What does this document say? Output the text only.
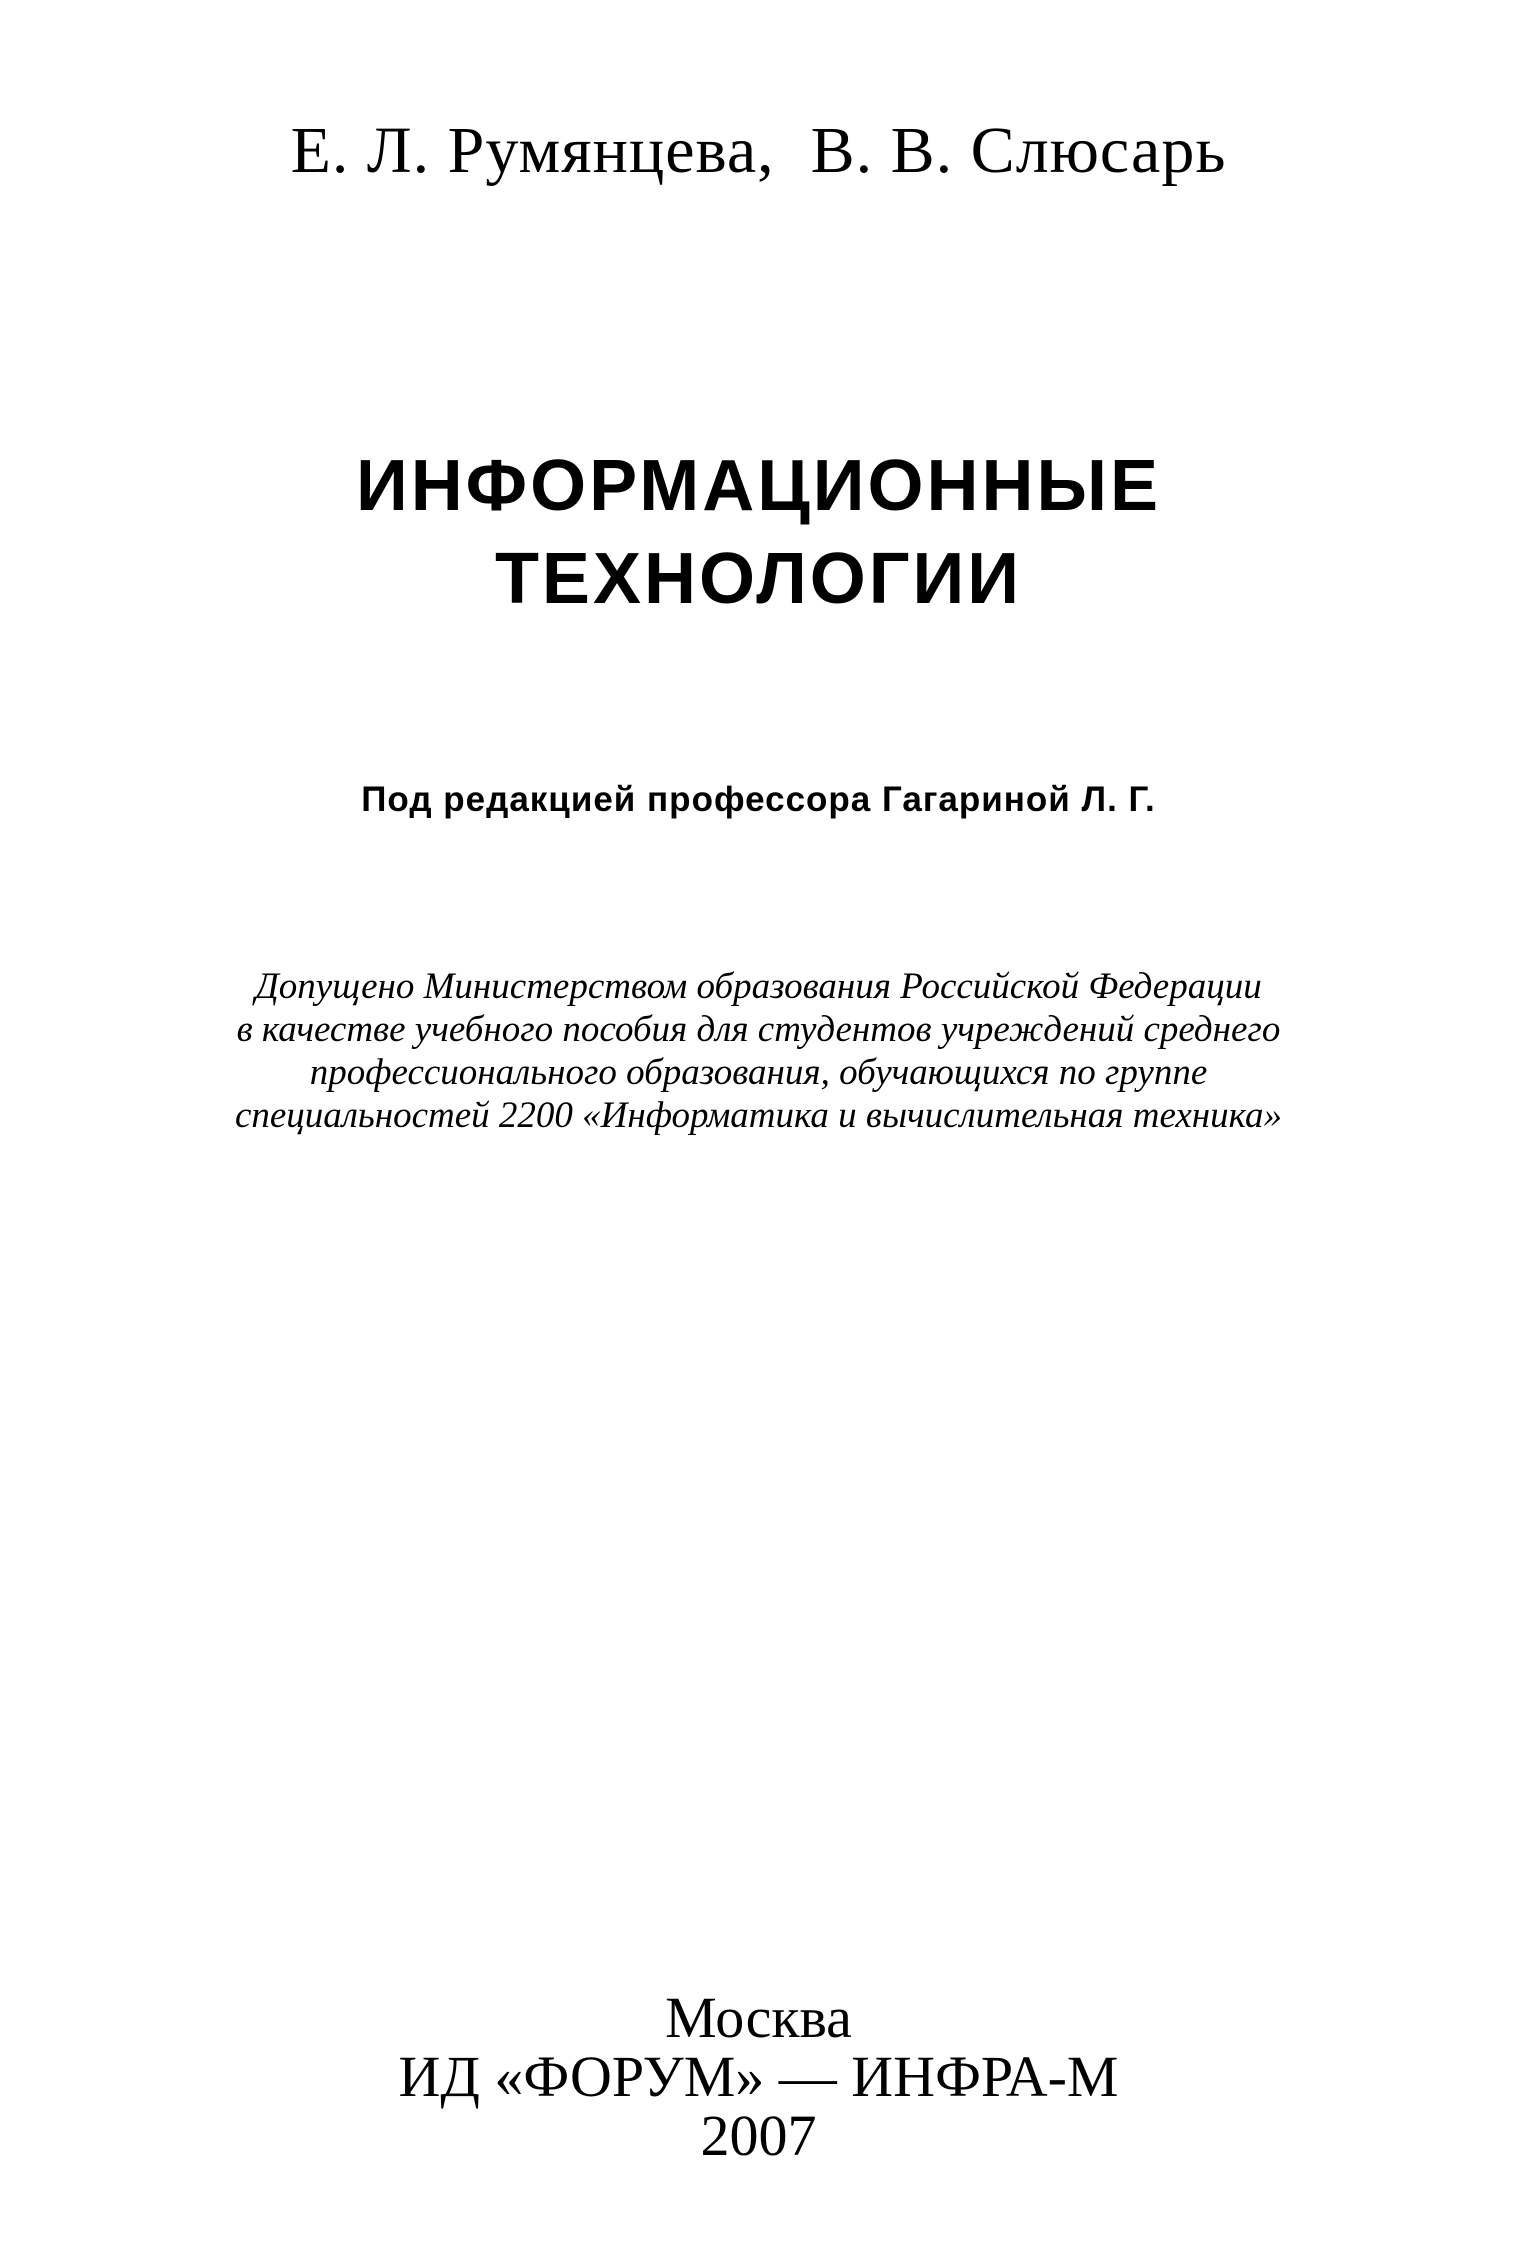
Е. Л. Румянцева, В. В. Слюсарь
ИНФОРМАЦИОННЫЕ
ТЕХНОЛОГИИ
Под редакцией профессора Гагариной Л. Г.
Допущено Министерством образования Российской Федерации
в качестве учебного пособия для студентов учреждений среднего
профессионального образования, обучающихся по группе
специальностей 2200 «Информатика и вычислительная техника»
Москва
ИД «ФОРУМ» — ИНФРА-М
2007
